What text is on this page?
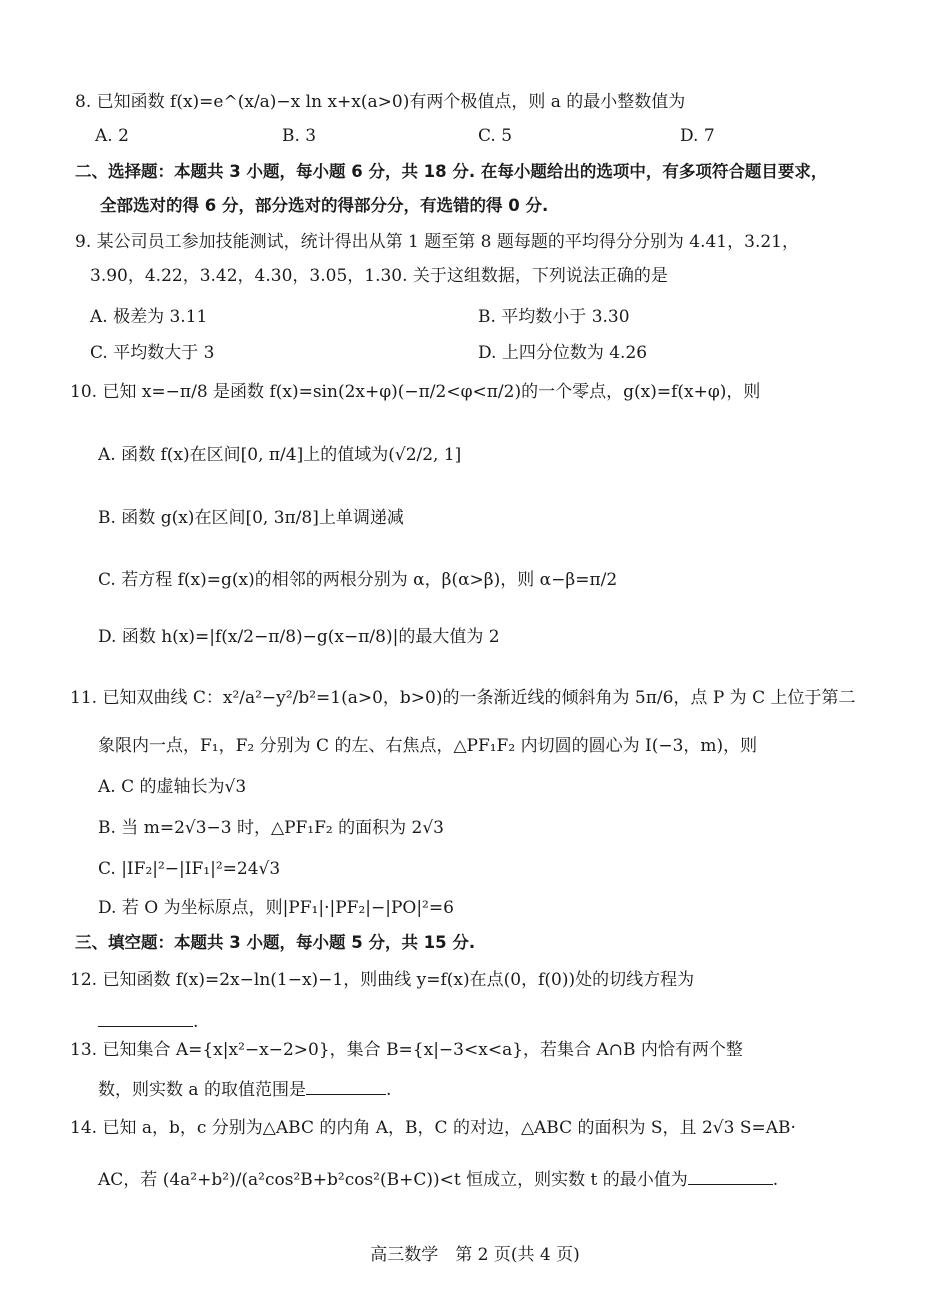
8. 已知函数 f(x)=e^(x/a)−x ln x+x(a>0)有两个极值点，则 a 的最小整数值为
A. 2	B. 3	C. 5	D. 7
二、选择题：本题共 3 小题，每小题 6 分，共 18 分. 在每小题给出的选项中，有多项符合题目要求，
全部选对的得 6 分，部分选对的得部分分，有选错的得 0 分.
9. 某公司员工参加技能测试，统计得出从第 1 题至第 8 题每题的平均得分分别为 4.41，3.21，
3.90，4.22，3.42，4.30，3.05，1.30. 关于这组数据，下列说法正确的是
A. 极差为 3.11	B. 平均数小于 3.30
C. 平均数大于 3	D. 上四分位数为 4.26
10. 已知 x=−π/8 是函数 f(x)=sin(2x+φ)(−π/2<φ<π/2)的一个零点，g(x)=f(x+φ)，则
A. 函数 f(x)在区间[0, π/4]上的值域为(√2/2, 1]
B. 函数 g(x)在区间[0, 3π/8]上单调递减
C. 若方程 f(x)=g(x)的相邻的两根分别为 α，β(α>β)，则 α−β=π/2
D. 函数 h(x)=|f(x/2−π/8)−g(x−π/8)|的最大值为 2
11. 已知双曲线 C：x²/a²−y²/b²=1(a>0，b>0)的一条渐近线的倾斜角为 5π/6，点 P 为 C 上位于第二
象限内一点，F₁，F₂ 分别为 C 的左、右焦点，△PF₁F₂ 内切圆的圆心为 I(−3，m)，则
A. C 的虚轴长为√3
B. 当 m=2√3−3 时，△PF₁F₂ 的面积为 2√3
C. |IF₂|²−|IF₁|²=24√3
D. 若 O 为坐标原点，则|PF₁|·|PF₂|−|PO|²=6
三、填空题：本题共 3 小题，每小题 5 分，共 15 分.
12. 已知函数 f(x)=2x−ln(1−x)−1，则曲线 y=f(x)在点(0，f(0))处的切线方程为
.
13. 已知集合 A={x|x²−x−2>0}，集合 B={x|−3<x<a}，若集合 A∩B 内恰有两个整
数，则实数 a 的取值范围是	.
14. 已知 a，b，c 分别为△ABC 的内角 A，B，C 的对边，△ABC 的面积为 S，且 2√3 S=AB·
AC，若 (4a²+b²)/(a²cos²B+b²cos²(B+C))<t 恒成立，则实数 t 的最小值为	.
高三数学　第 2 页(共 4 页)
